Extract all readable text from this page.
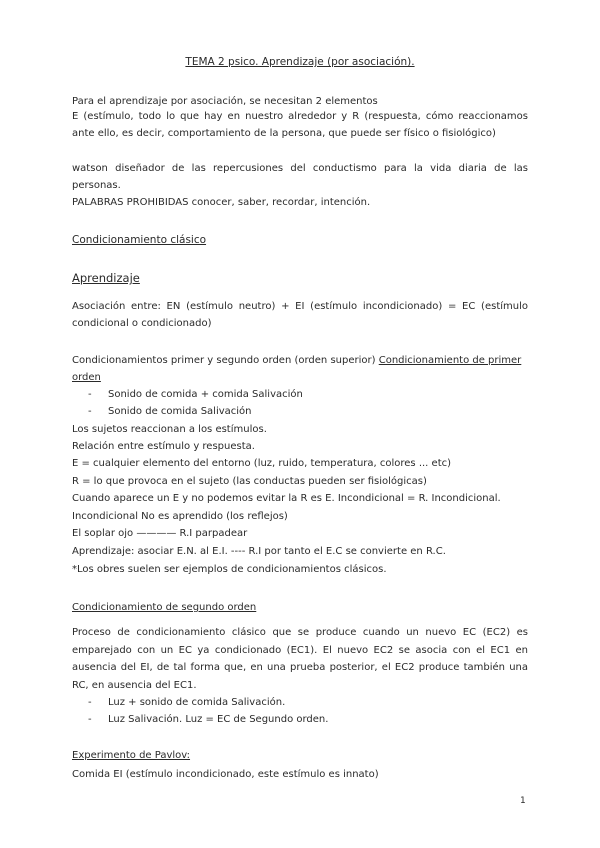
TEMA 2 psico. Aprendizaje (por asociación).
Para el aprendizaje por asociación, se necesitan 2 elementos
E (estímulo, todo lo que hay en nuestro alrededor y R (respuesta, cómo reaccionamos
ante ello, es decir, comportamiento de la persona, que puede ser físico o fisiológico)
watson diseñador de las repercusiones del conductismo para la vida diaria de las
personas.
PALABRAS PROHIBIDAS conocer, saber, recordar, intención.
Condicionamiento clásico
Aprendizaje
Asociación entre: EN (estímulo neutro) + EI (estímulo incondicionado) = EC (estímulo
condicional o condicionado)
Condicionamientos primer y segundo orden (orden superior) Condicionamiento de primer
orden
- Sonido de comida + comida Salivación
- Sonido de comida Salivación
Los sujetos reaccionan a los estímulos.
Relación entre estímulo y respuesta.
E = cualquier elemento del entorno (luz, ruido, temperatura, colores ... etc)
R = lo que provoca en el sujeto (las conductas pueden ser fisiológicas)
Cuando aparece un E y no podemos evitar la R es E. Incondicional = R. Incondicional.
Incondicional No es aprendido (los reflejos)
El soplar ojo ———— R.I parpadear
Aprendizaje: asociar E.N. al E.I. ---- R.I por tanto el E.C se convierte en R.C.
*Los obres suelen ser ejemplos de condicionamientos clásicos.
Condicionamiento de segundo orden
Proceso de condicionamiento clásico que se produce cuando un nuevo EC (EC2) es
emparejado con un EC ya condicionado (EC1). El nuevo EC2 se asocia con el EC1 en
ausencia del EI, de tal forma que, en una prueba posterior, el EC2 produce también una
RC, en ausencia del EC1.
- Luz + sonido de comida Salivación.
- Luz Salivación. Luz = EC de Segundo orden.
Experimento de Pavlov:
Comida EI (estímulo incondicionado, este estímulo es innato)
1
